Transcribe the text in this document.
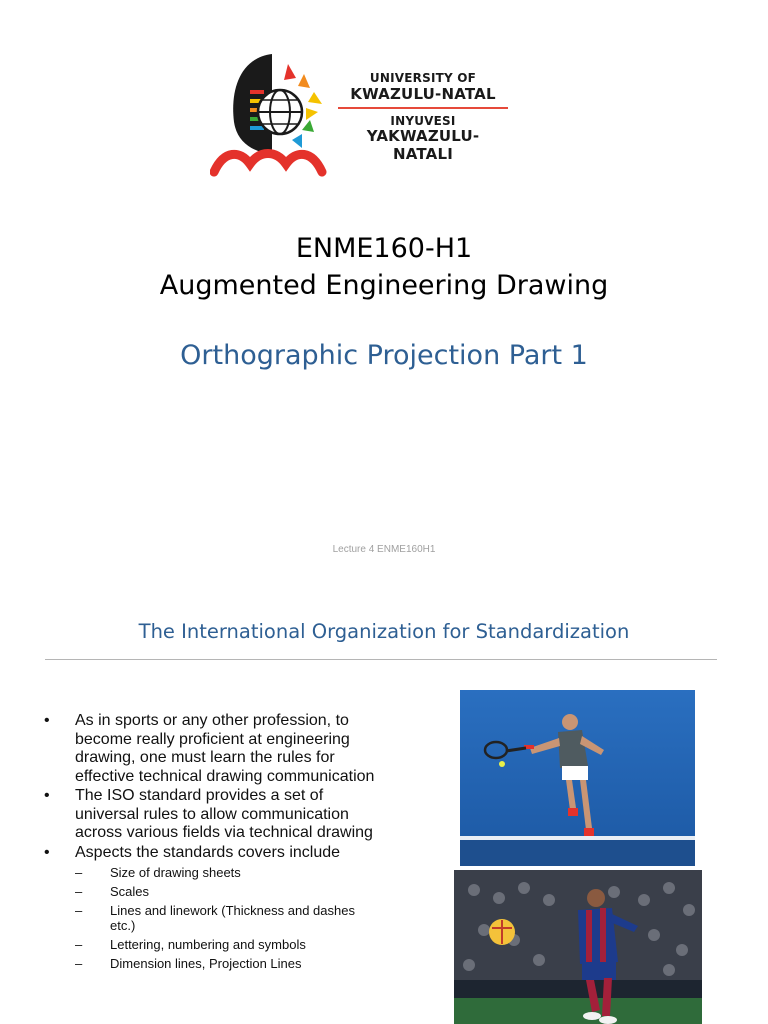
UNIVERSITY OF
KWAZULU-NATAL
INYUVESI
YAKWAZULU-NATALI
ENME160-H1
Augmented Engineering Drawing
Orthographic Projection Part 1
Lecture 4 ENME160H1
The International Organization for Standardization
• As in sports or any other profession, to become really proficient at engineering drawing, one must learn the rules for effective technical drawing communication
• The ISO standard provides a set of universal rules to allow communication across various fields via technical drawing
• Aspects the standards covers include
– Size of drawing sheets
– Scales
– Lines and linework (Thickness and dashes etc.)
– Lettering, numbering and symbols
– Dimension lines, Projection Lines
